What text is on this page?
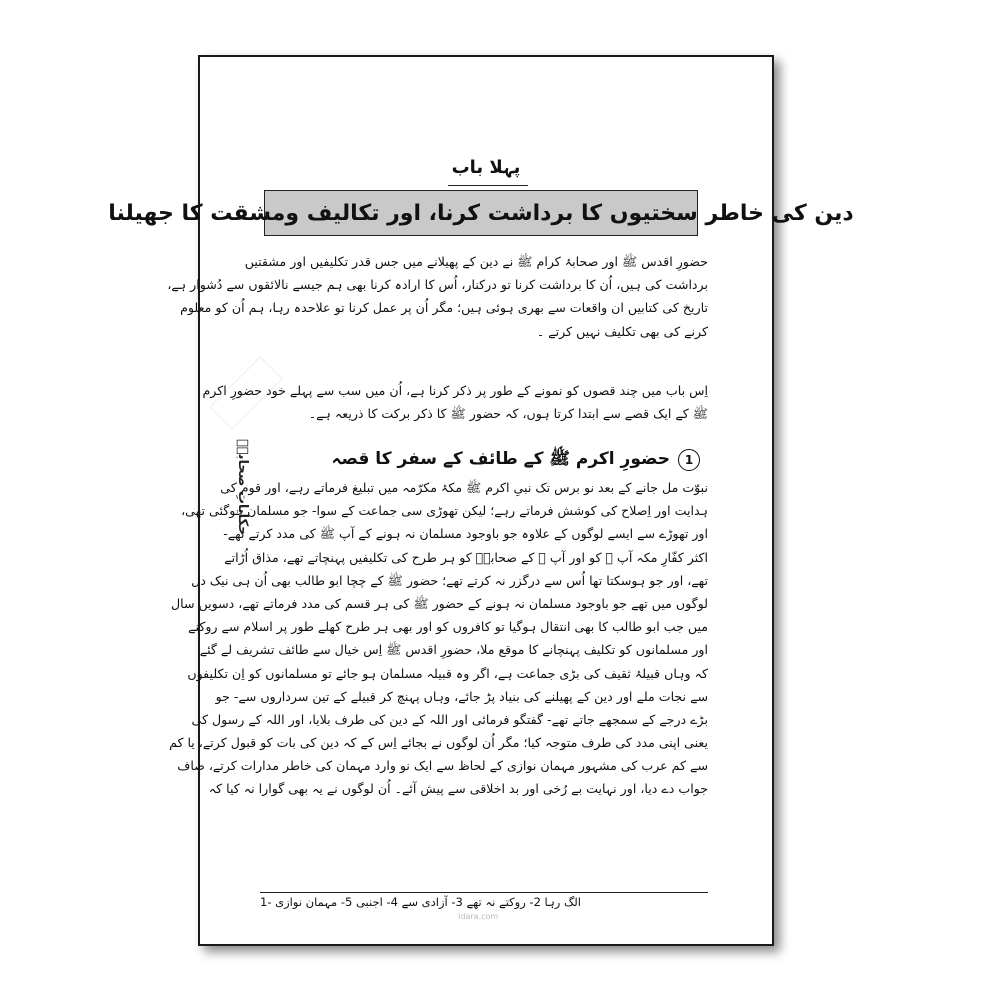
پہلا باب
دین کی خاطر سختیوں کا برداشت کرنا، اور تکالیف ومشقت کا جھیلنا
حضورِ اقدس ﷺ اور صحابۂ کرام ﷺ نے دین کے پھیلانے میں جس قدر تکلیفیں اور مشقتیں
برداشت کی ہیں، اُن کا برداشت کرنا تو درکنار، اُس کا ارادہ کرنا بھی ہم جیسے نالائقوں سے دُشوار ہے،
تاریخ کی کتابیں ان واقعات سے بھری ہوئی ہیں؛ مگر اُن پر عمل کرنا تو علاحدہ رہا، ہم اُن کو معلوم
کرنے کی بھی تکلیف نہیں کرتے ۔
اِس باب میں چند قصوں کو نمونے کے طور پر ذکر کرنا ہے، اُن میں سب سے پہلے خود حضورِ اکرم
ﷺ کے ایک قصے سے ابتدا کرتا ہوں، کہ حضور ﷺ کا ذکر برکت کا ذریعہ ہے۔
1
حضورِ اکرم ﷺ کے طائف کے سفر کا قصہ
نبوّت مل جانے کے بعد نو برس تک نبیِ اکرم ﷺ مکۂ مکرّمہ میں تبلیغ فرماتے رہے، اور قوم کی
ہدایت اور اِصلاح کی کوشش فرماتے رہے؛ لیکن تھوڑی سی جماعت کے سوا- جو مسلمان ہوگئی تھی،
اور تھوڑے سے ایسے لوگوں کے علاوہ جو باوجود مسلمان نہ ہونے کے آپ ﷺ کی مدد کرتے تھے-
اکثر کفّارِ مکہ آپ ﷺ کو اور آپ ﷺ کے صحابہؓ کو ہر طرح کی تکلیفیں پہنچاتے تھے، مذاق اُڑاتے
تھے، اور جو ہوسکتا تھا اُس سے درگزر نہ کرتے تھے؛ حضور ﷺ کے چچا ابو طالب بھی اُن ہی نیک دل
لوگوں میں تھے جو باوجود مسلمان نہ ہونے کے حضور ﷺ کی ہر قسم کی مدد فرماتے تھے، دسویں سال
میں جب ابو طالب کا بھی انتقال ہوگیا تو کافروں کو اور بھی ہر طرح کھلے طور پر اسلام سے روکنے
اور مسلمانوں کو تکلیف پہنچانے کا موقع ملا، حضورِ اقدس ﷺ اِس خیال سے طائف تشریف لے گئے
کہ وہاں قبیلۂ ثقیف کی بڑی جماعت ہے، اگر وہ قبیلہ مسلمان ہو جائے تو مسلمانوں کو اِن تکلیفوں
سے نجات ملے اور دین کے پھیلنے کی بنیاد پڑ جائے، وہاں پہنچ کر قبیلے کے تین سرداروں سے- جو
بڑے درجے کے سمجھے جاتے تھے- گفتگو فرمائی اور اللہ کے دین کی طرف بلایا، اور اللہ کے رسول کی
یعنی اپنی مدد کی طرف متوجہ کیا؛ مگر اُن لوگوں نے بجائے اِس کے کہ دین کی بات کو قبول کرتے، یا کم
سے کم عرب کی مشہور مہمان نوازی کے لحاظ سے ایک نو وارد مہمان کی خاطر مدارات کرتے، صاف
جواب دے دیا، اور نہایت بے رُخی اور بد اخلاقی سے پیش آئے۔ اُن لوگوں نے یہ بھی گوارا نہ کیا کہ
حکایاتِ صحابہؓ
1- الگ رہا 2- روکتے نہ تھے 3- آزادی سے 4- اجنبی 5- مہمان نوازی
Idara.com
